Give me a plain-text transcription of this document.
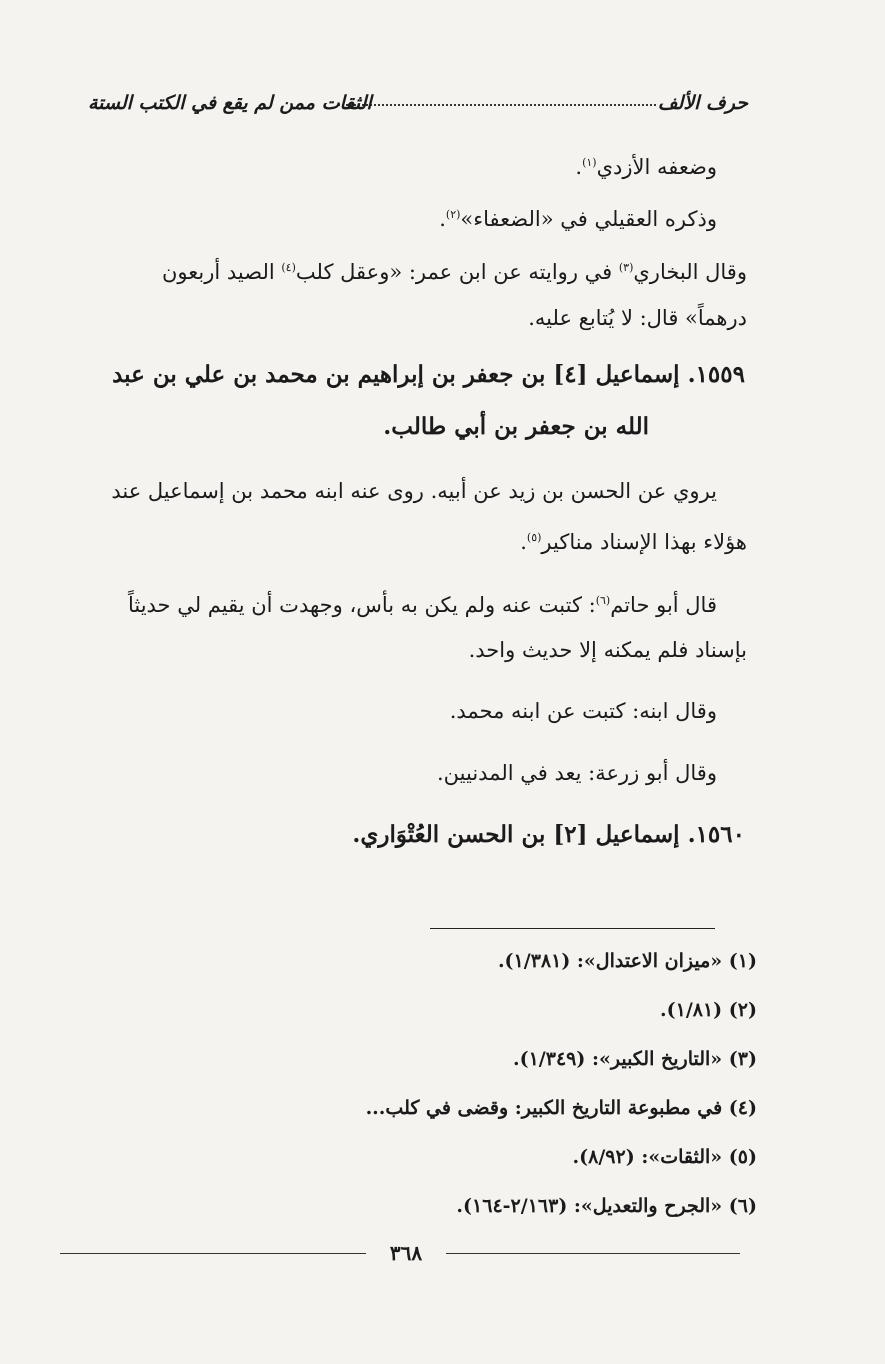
حرف الألف
الثقات ممن لم يقع في الكتب الستة
وضعفه الأزدي$^{(١)}$.
وذكره العقيلي في «الضعفاء»$^{(٢)}$.
وقال البخاري$^{(٣)}$ في روايته عن ابن عمر: «وعقل كلب$^{(٤)}$ الصيد أربعون
درهماً» قال: لا يُتابع عليه.
١٥٥٩. إسماعيل [٤] بن جعفر بن إبراهيم بن محمد بن علي بن عبد
الله بن جعفر بن أبي طالب.
يروي عن الحسن بن زيد عن أبيه. روى عنه ابنه محمد بن إسماعيل عند
هؤلاء بهذا الإسناد مناكير$^{(٥)}$.
قال أبو حاتم$^{(٦)}$: كتبت عنه ولم يكن به بأس، وجهدت أن يقيم لي حديثاً
بإسناد فلم يمكنه إلا حديث واحد.
وقال ابنه: كتبت عن ابنه محمد.
وقال أبو زرعة: يعد في المدنيين.
١٥٦٠. إسماعيل [٢] بن الحسن العُتْوَاري.
(١) «ميزان الاعتدال»: (١/٣٨١).
(٢) (١/٨١).
(٣) «التاريخ الكبير»: (١/٣٤٩).
(٤) في مطبوعة التاريخ الكبير: وقضى في كلب...
(٥) «الثقات»: (٨/٩٢).
(٦) «الجرح والتعديل»: (٢/١٦٣-١٦٤).
٣٦٨
